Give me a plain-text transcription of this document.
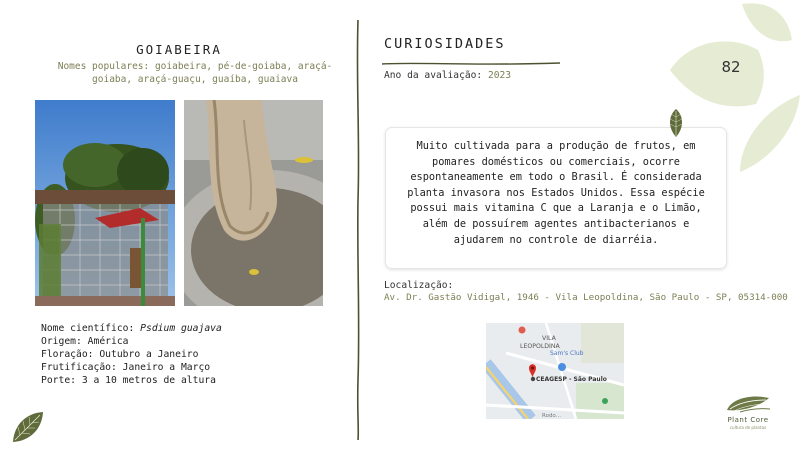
GOIABEIRA
Nomes populares: goiabeira, pé-de-goiaba, araçá-goiaba, araçá-guaçu, guaíba, guaiava
Nome científico: Psdium guajava
Origem: América
Floração: Outubro a Janeiro
Frutificação: Janeiro a Março
Porte: 3 a 10 metros de altura
CURIOSIDADES
Ano da avaliação: 2023
Muito cultivada para a produção de frutos, em pomares domésticos ou comerciais, ocorre espontaneamente em todo o Brasil. É considerada planta invasora nos Estados Unidos. Essa espécie possui mais vitamina C que a Laranja e o Limão, além de possuírem agentes antibacterianos e ajudarem no controle de diarréia.
Localização:
Av. Dr. Gastão Vidigal, 1946 - Vila Leopoldina, São Paulo - SP, 05314-000
VILA LEOPOLDINA
Sam's Club
CEAGESP - São Paulo
Rodo...
82
Plant Core
cultura de plantas
